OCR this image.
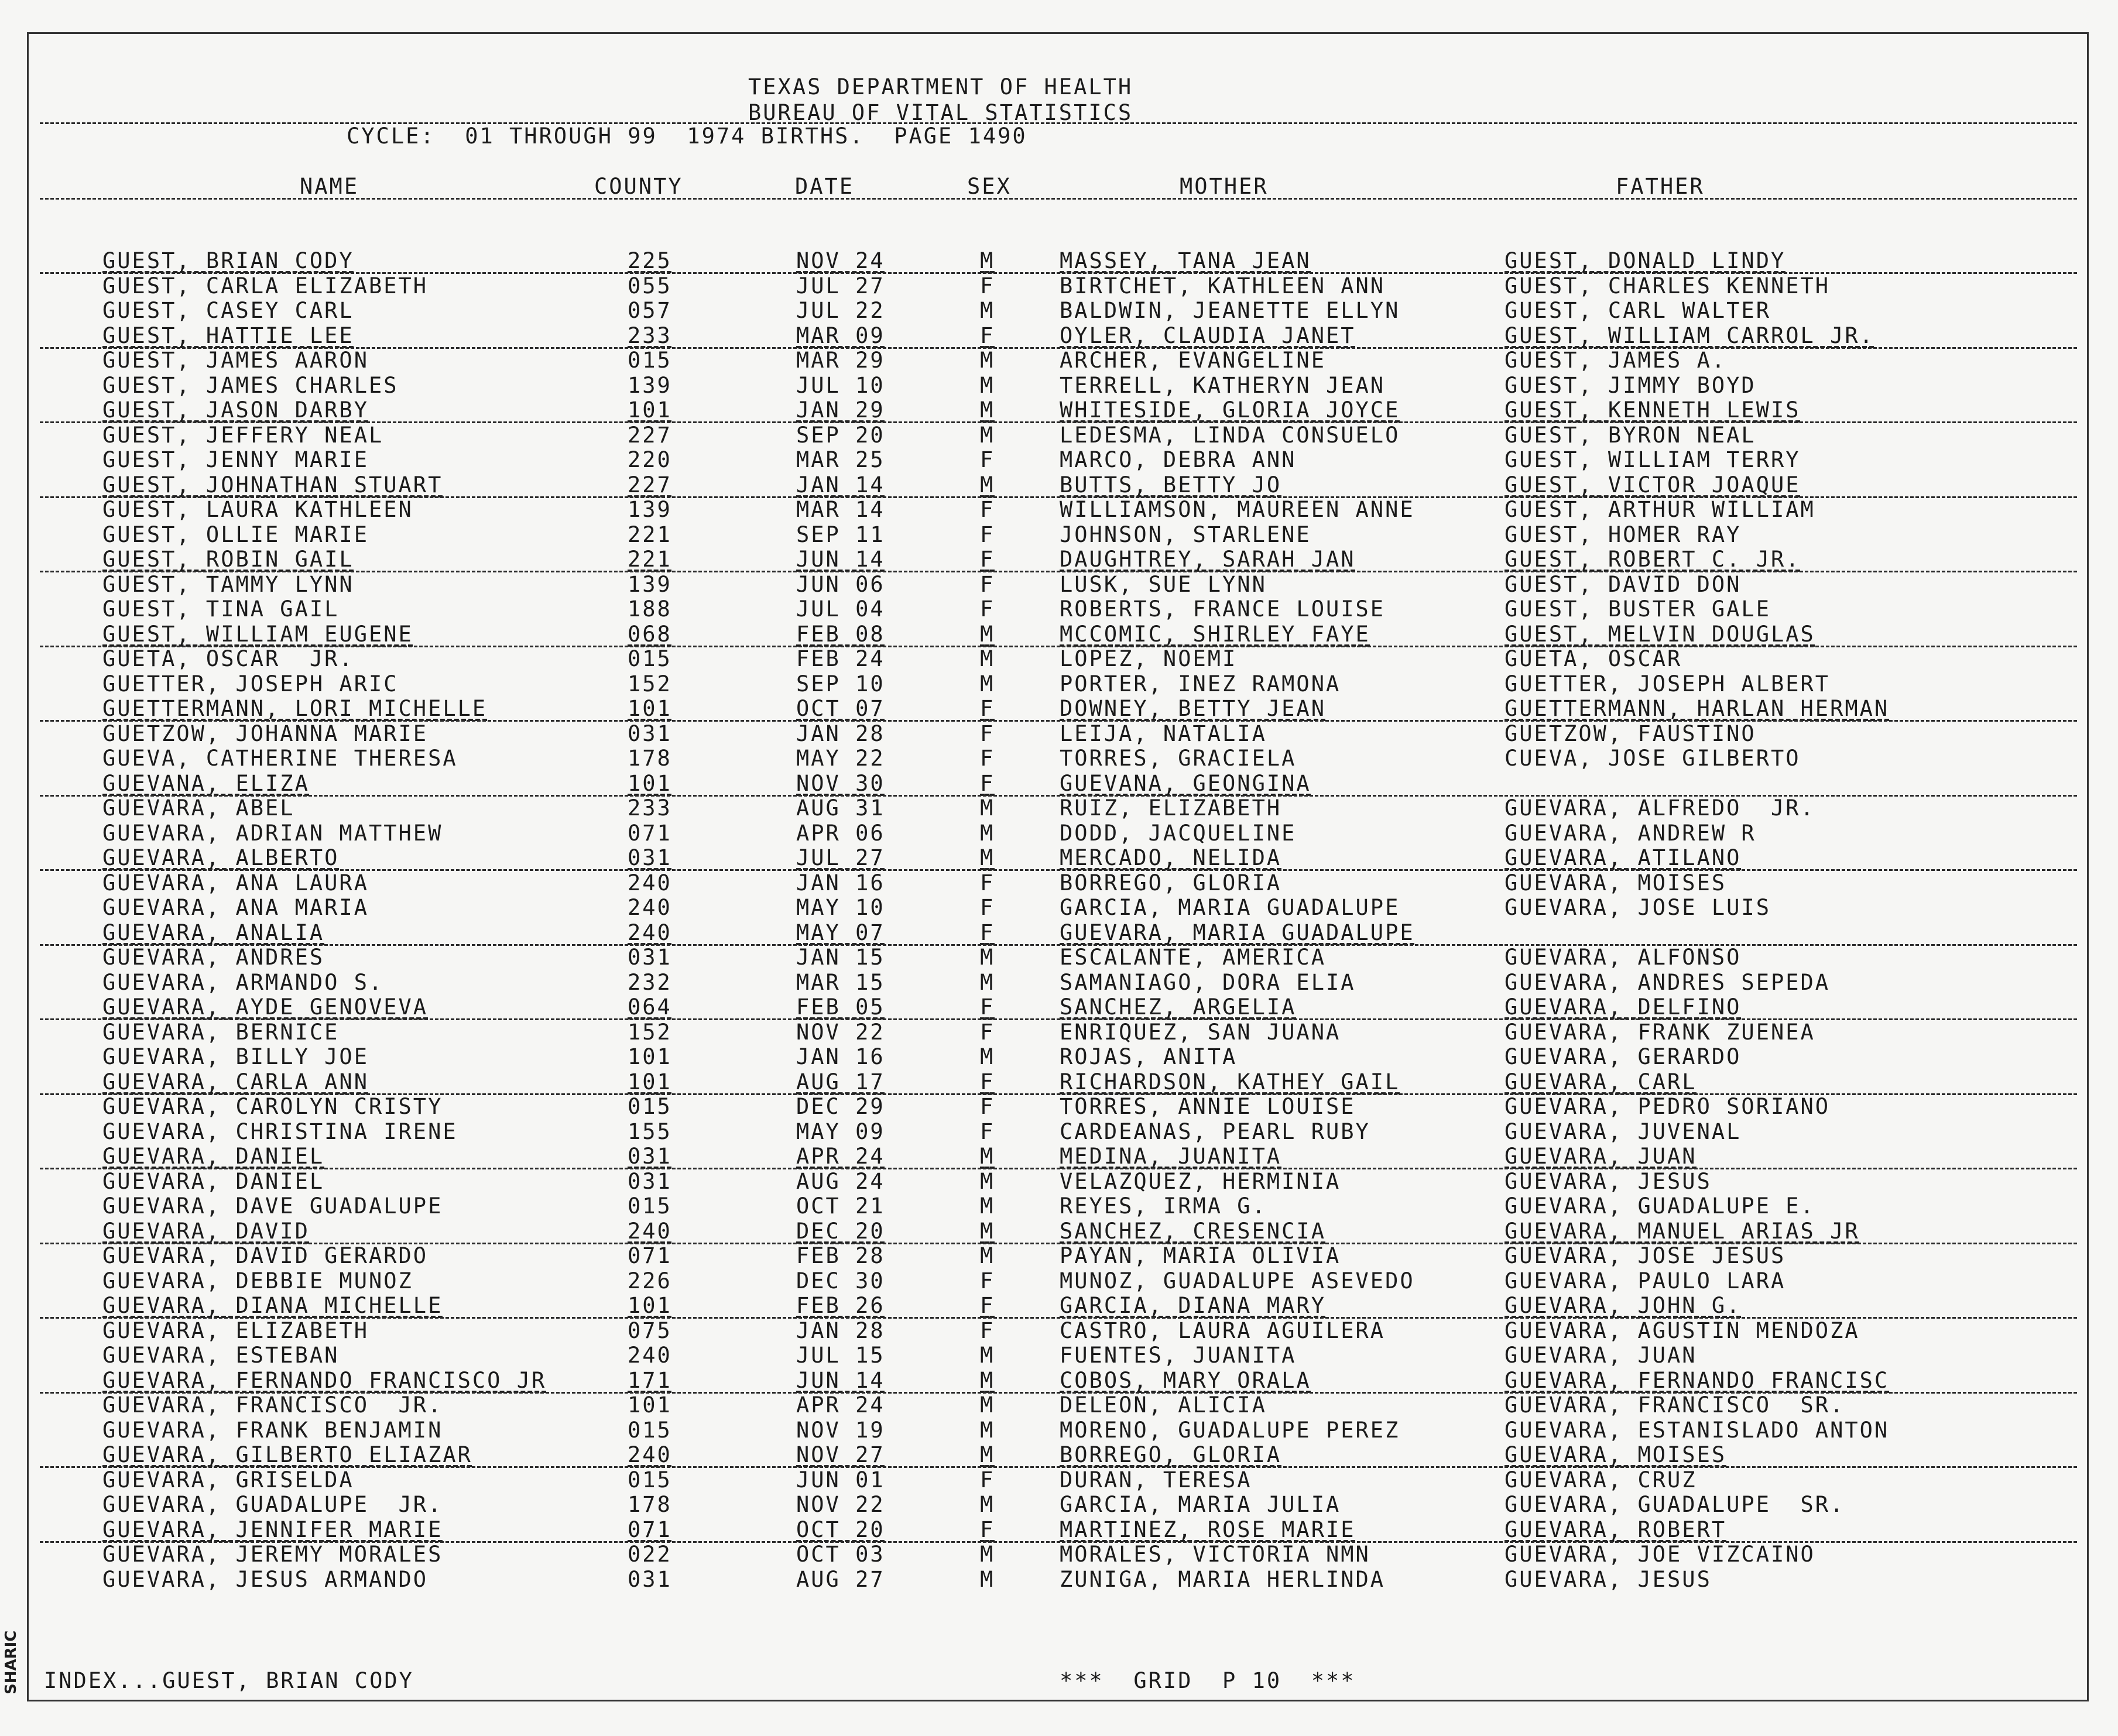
SHARIC
TEXAS DEPARTMENT OF HEALTH
BUREAU OF VITAL STATISTICS
CYCLE:  01 THROUGH 99  1974 BIRTHS.  PAGE 1490
NAME	COUNTY	DATE	SEX	MOTHER	FATHER
GUEST, BRIAN CODY	225	NOV 24	M	MASSEY, TANA JEAN	GUEST, DONALD LINDY
GUEST, CARLA ELIZABETH	055	JUL 27	F	BIRTCHET, KATHLEEN ANN	GUEST, CHARLES KENNETH
GUEST, CASEY CARL	057	JUL 22	M	BALDWIN, JEANETTE ELLYN	GUEST, CARL WALTER
GUEST, HATTIE LEE	233	MAR 09	F	OYLER, CLAUDIA JANET	GUEST, WILLIAM CARROL JR.
GUEST, JAMES AARON	015	MAR 29	M	ARCHER, EVANGELINE	GUEST, JAMES A.
GUEST, JAMES CHARLES	139	JUL 10	M	TERRELL, KATHERYN JEAN	GUEST, JIMMY BOYD
GUEST, JASON DARBY	101	JAN 29	M	WHITESIDE, GLORIA JOYCE	GUEST, KENNETH LEWIS
GUEST, JEFFERY NEAL	227	SEP 20	M	LEDESMA, LINDA CONSUELO	GUEST, BYRON NEAL
GUEST, JENNY MARIE	220	MAR 25	F	MARCO, DEBRA ANN	GUEST, WILLIAM TERRY
GUEST, JOHNATHAN STUART	227	JAN 14	M	BUTTS, BETTY JO	GUEST, VICTOR JOAQUE
GUEST, LAURA KATHLEEN	139	MAR 14	F	WILLIAMSON, MAUREEN ANNE	GUEST, ARTHUR WILLIAM
GUEST, OLLIE MARIE	221	SEP 11	F	JOHNSON, STARLENE	GUEST, HOMER RAY
GUEST, ROBIN GAIL	221	JUN 14	F	DAUGHTREY, SARAH JAN	GUEST, ROBERT C. JR.
GUEST, TAMMY LYNN	139	JUN 06	F	LUSK, SUE LYNN	GUEST, DAVID DON
GUEST, TINA GAIL	188	JUL 04	F	ROBERTS, FRANCE LOUISE	GUEST, BUSTER GALE
GUEST, WILLIAM EUGENE	068	FEB 08	M	MCCOMIC, SHIRLEY FAYE	GUEST, MELVIN DOUGLAS
GUETA, OSCAR  JR.	015	FEB 24	M	LOPEZ, NOEMI	GUETA, OSCAR
GUETTER, JOSEPH ARIC	152	SEP 10	M	PORTER, INEZ RAMONA	GUETTER, JOSEPH ALBERT
GUETTERMANN, LORI MICHELLE	101	OCT 07	F	DOWNEY, BETTY JEAN	GUETTERMANN, HARLAN HERMAN
GUETZOW, JOHANNA MARIE	031	JAN 28	F	LEIJA, NATALIA	GUETZOW, FAUSTINO
GUEVA, CATHERINE THERESA	178	MAY 22	F	TORRES, GRACIELA	CUEVA, JOSE GILBERTO
GUEVANA, ELIZA	101	NOV 30	F	GUEVANA, GEONGINA
GUEVARA, ABEL	233	AUG 31	M	RUIZ, ELIZABETH	GUEVARA, ALFREDO  JR.
GUEVARA, ADRIAN MATTHEW	071	APR 06	M	DODD, JACQUELINE	GUEVARA, ANDREW R
GUEVARA, ALBERTO	031	JUL 27	M	MERCADO, NELIDA	GUEVARA, ATILANO
GUEVARA, ANA LAURA	240	JAN 16	F	BORREGO, GLORIA	GUEVARA, MOISES
GUEVARA, ANA MARIA	240	MAY 10	F	GARCIA, MARIA GUADALUPE	GUEVARA, JOSE LUIS
GUEVARA, ANALIA	240	MAY 07	F	GUEVARA, MARIA GUADALUPE
GUEVARA, ANDRES	031	JAN 15	M	ESCALANTE, AMERICA	GUEVARA, ALFONSO
GUEVARA, ARMANDO S.	232	MAR 15	M	SAMANIAGO, DORA ELIA	GUEVARA, ANDRES SEPEDA
GUEVARA, AYDE GENOVEVA	064	FEB 05	F	SANCHEZ, ARGELIA	GUEVARA, DELFINO
GUEVARA, BERNICE	152	NOV 22	F	ENRIQUEZ, SAN JUANA	GUEVARA, FRANK ZUENEA
GUEVARA, BILLY JOE	101	JAN 16	M	ROJAS, ANITA	GUEVARA, GERARDO
GUEVARA, CARLA ANN	101	AUG 17	F	RICHARDSON, KATHEY GAIL	GUEVARA, CARL
GUEVARA, CAROLYN CRISTY	015	DEC 29	F	TORRES, ANNIE LOUISE	GUEVARA, PEDRO SORIANO
GUEVARA, CHRISTINA IRENE	155	MAY 09	F	CARDEANAS, PEARL RUBY	GUEVARA, JUVENAL
GUEVARA, DANIEL	031	APR 24	M	MEDINA, JUANITA	GUEVARA, JUAN
GUEVARA, DANIEL	031	AUG 24	M	VELAZQUEZ, HERMINIA	GUEVARA, JESUS
GUEVARA, DAVE GUADALUPE	015	OCT 21	M	REYES, IRMA G.	GUEVARA, GUADALUPE E.
GUEVARA, DAVID	240	DEC 20	M	SANCHEZ, CRESENCIA	GUEVARA, MANUEL ARIAS JR
GUEVARA, DAVID GERARDO	071	FEB 28	M	PAYAN, MARIA OLIVIA	GUEVARA, JOSE JESUS
GUEVARA, DEBBIE MUNOZ	226	DEC 30	F	MUNOZ, GUADALUPE ASEVEDO	GUEVARA, PAULO LARA
GUEVARA, DIANA MICHELLE	101	FEB 26	F	GARCIA, DIANA MARY	GUEVARA, JOHN G.
GUEVARA, ELIZABETH	075	JAN 28	F	CASTRO, LAURA AGUILERA	GUEVARA, AGUSTIN MENDOZA
GUEVARA, ESTEBAN	240	JUL 15	M	FUENTES, JUANITA	GUEVARA, JUAN
GUEVARA, FERNANDO FRANCISCO JR	171	JUN 14	M	COBOS, MARY ORALA	GUEVARA, FERNANDO FRANCISC
GUEVARA, FRANCISCO  JR.	101	APR 24	M	DELEON, ALICIA	GUEVARA, FRANCISCO  SR.
GUEVARA, FRANK BENJAMIN	015	NOV 19	M	MORENO, GUADALUPE PEREZ	GUEVARA, ESTANISLADO ANTON
GUEVARA, GILBERTO ELIAZAR	240	NOV 27	M	BORREGO, GLORIA	GUEVARA, MOISES
GUEVARA, GRISELDA	015	JUN 01	F	DURAN, TERESA	GUEVARA, CRUZ
GUEVARA, GUADALUPE  JR.	178	NOV 22	M	GARCIA, MARIA JULIA	GUEVARA, GUADALUPE  SR.
GUEVARA, JENNIFER MARIE	071	OCT 20	F	MARTINEZ, ROSE MARIE	GUEVARA, ROBERT
GUEVARA, JEREMY MORALES	022	OCT 03	M	MORALES, VICTORIA NMN	GUEVARA, JOE VIZCAINO
GUEVARA, JESUS ARMANDO	031	AUG 27	M	ZUNIGA, MARIA HERLINDA	GUEVARA, JESUS
INDEX...GUEST, BRIAN CODY	***  GRID  P 10  ***
